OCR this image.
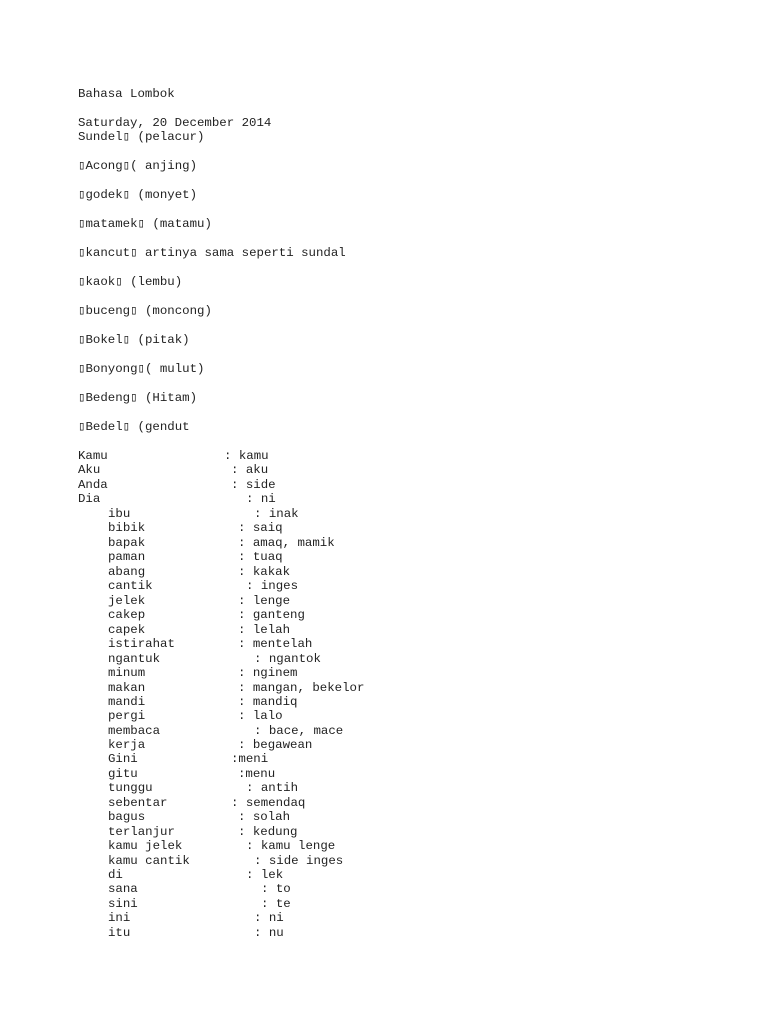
Bahasa Lombok
Saturday, 20 December 2014
Sundel▯ (pelacur)
▯Acong▯( anjing)
▯godek▯ (monyet)
▯matamek▯ (matamu)
▯kancut▯ artinya sama seperti sundal
▯kaok▯ (lembu)
▯buceng▯ (moncong)
▯Bokel▯ (pitak)
▯Bonyong▯( mulut)
▯Bedeng▯ (Hitam)
▯Bedel▯ (gendut
Kamu	: kamu
Aku	: aku
Anda	: side
Dia	: ni
ibu	: inak
bibik	: saiq
bapak	: amaq, mamik
paman	: tuaq
abang	: kakak
cantik	: inges
jelek	: lenge
cakep	: ganteng
capek	: lelah
istirahat	: mentelah
ngantuk	: ngantok
minum	: nginem
makan	: mangan, bekelor
mandi	: mandiq
pergi	: lalo
membaca	: bace, mace
kerja	: begawean
Gini	:meni
gitu	:menu
tunggu	: antih
sebentar	: semendaq
bagus	: solah
terlanjur	: kedung
kamu jelek	: kamu lenge
kamu cantik	: side inges
di	: lek
sana	: to
sini	: te
ini	: ni
itu	: nu
